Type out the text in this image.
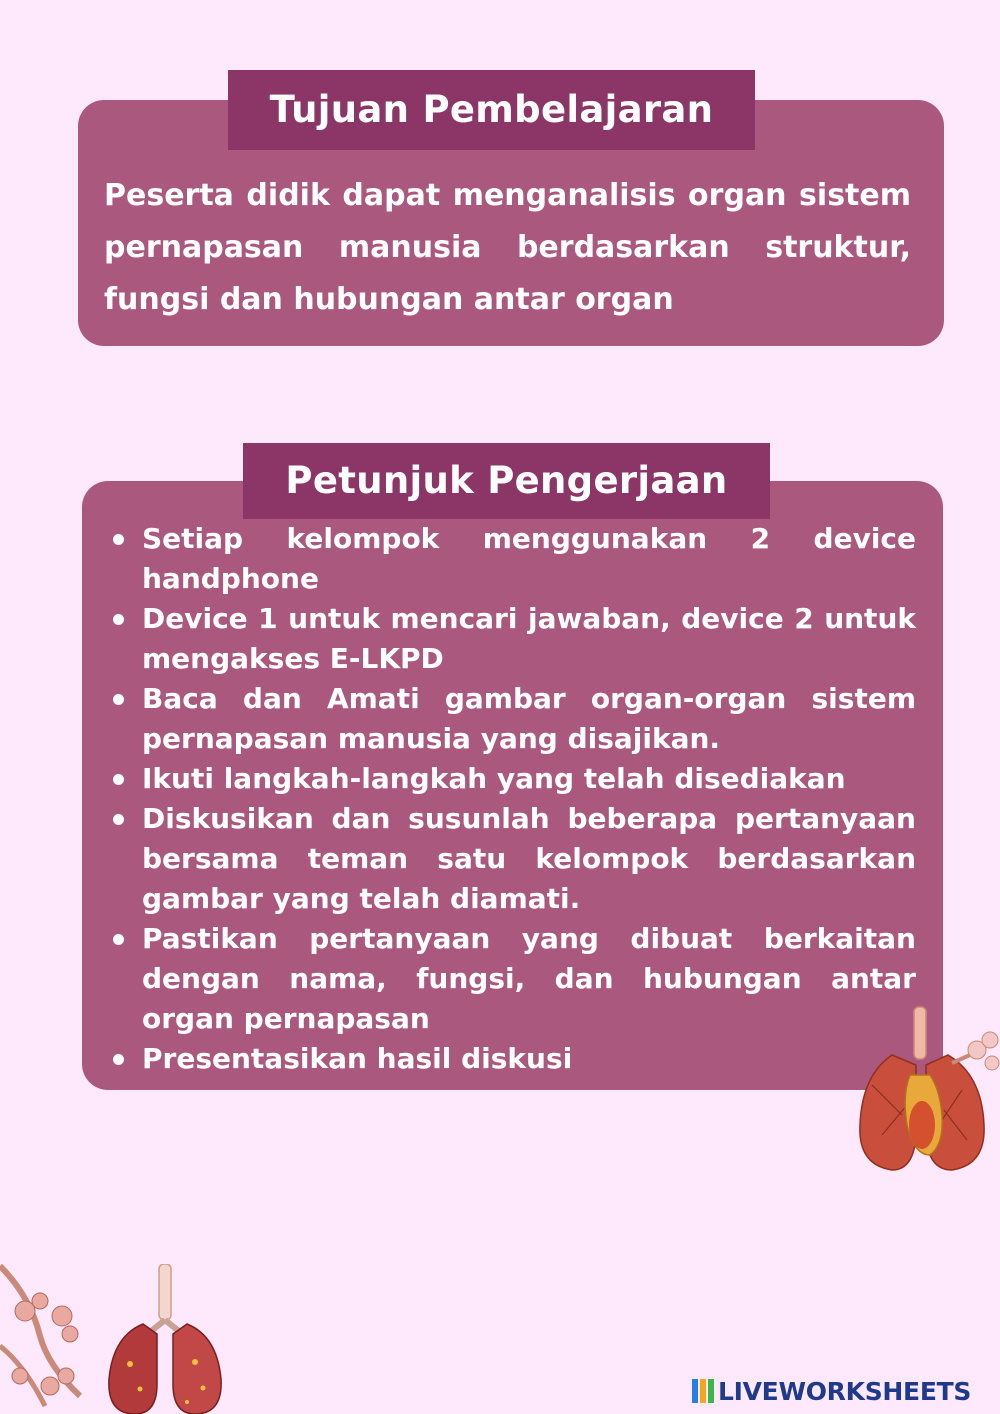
Tujuan Pembelajaran

Peserta didik dapat menganalisis organ sistem pernapasan manusia berdasarkan struktur, fungsi dan hubungan antar organ

Petunjuk Pengerjaan
Setiap kelompok menggunakan 2 device handphone
Device 1 untuk mencari jawaban, device 2 untuk mengakses E-LKPD
Baca dan Amati gambar organ-organ sistem pernapasan manusia yang disajikan.
Ikuti langkah-langkah yang telah disediakan
Diskusikan dan susunlah beberapa pertanyaan bersama teman satu kelompok berdasarkan gambar yang telah diamati.
Pastikan pertanyaan yang dibuat berkaitan dengan nama, fungsi, dan hubungan antar organ pernapasan
Presentasikan hasil diskusi
LIVEWORKSHEETS
